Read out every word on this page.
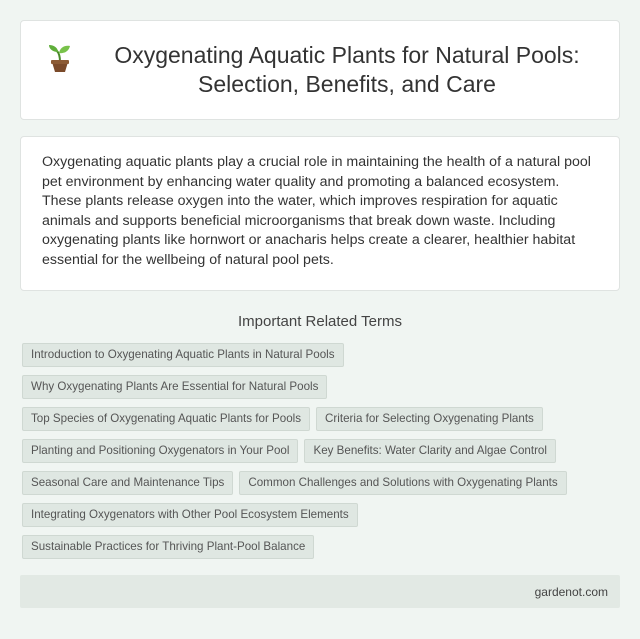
Oxygenating Aquatic Plants for Natural Pools: Selection, Benefits, and Care

Oxygenating aquatic plants play a crucial role in maintaining the health of a natural pool pet environment by enhancing water quality and promoting a balanced ecosystem. These plants release oxygen into the water, which improves respiration for aquatic animals and supports beneficial microorganisms that break down waste. Including oxygenating plants like hornwort or anacharis helps create a clearer, healthier habitat essential for the wellbeing of natural pool pets.

Important Related Terms
Introduction to Oxygenating Aquatic Plants in Natural Pools
Why Oxygenating Plants Are Essential for Natural Pools
Top Species of Oxygenating Aquatic Plants for Pools	Criteria for Selecting Oxygenating Plants
Planting and Positioning Oxygenators in Your Pool	Key Benefits: Water Clarity and Algae Control
Seasonal Care and Maintenance Tips	Common Challenges and Solutions with Oxygenating Plants
Integrating Oxygenators with Other Pool Ecosystem Elements
Sustainable Practices for Thriving Plant-Pool Balance
gardenot.com
